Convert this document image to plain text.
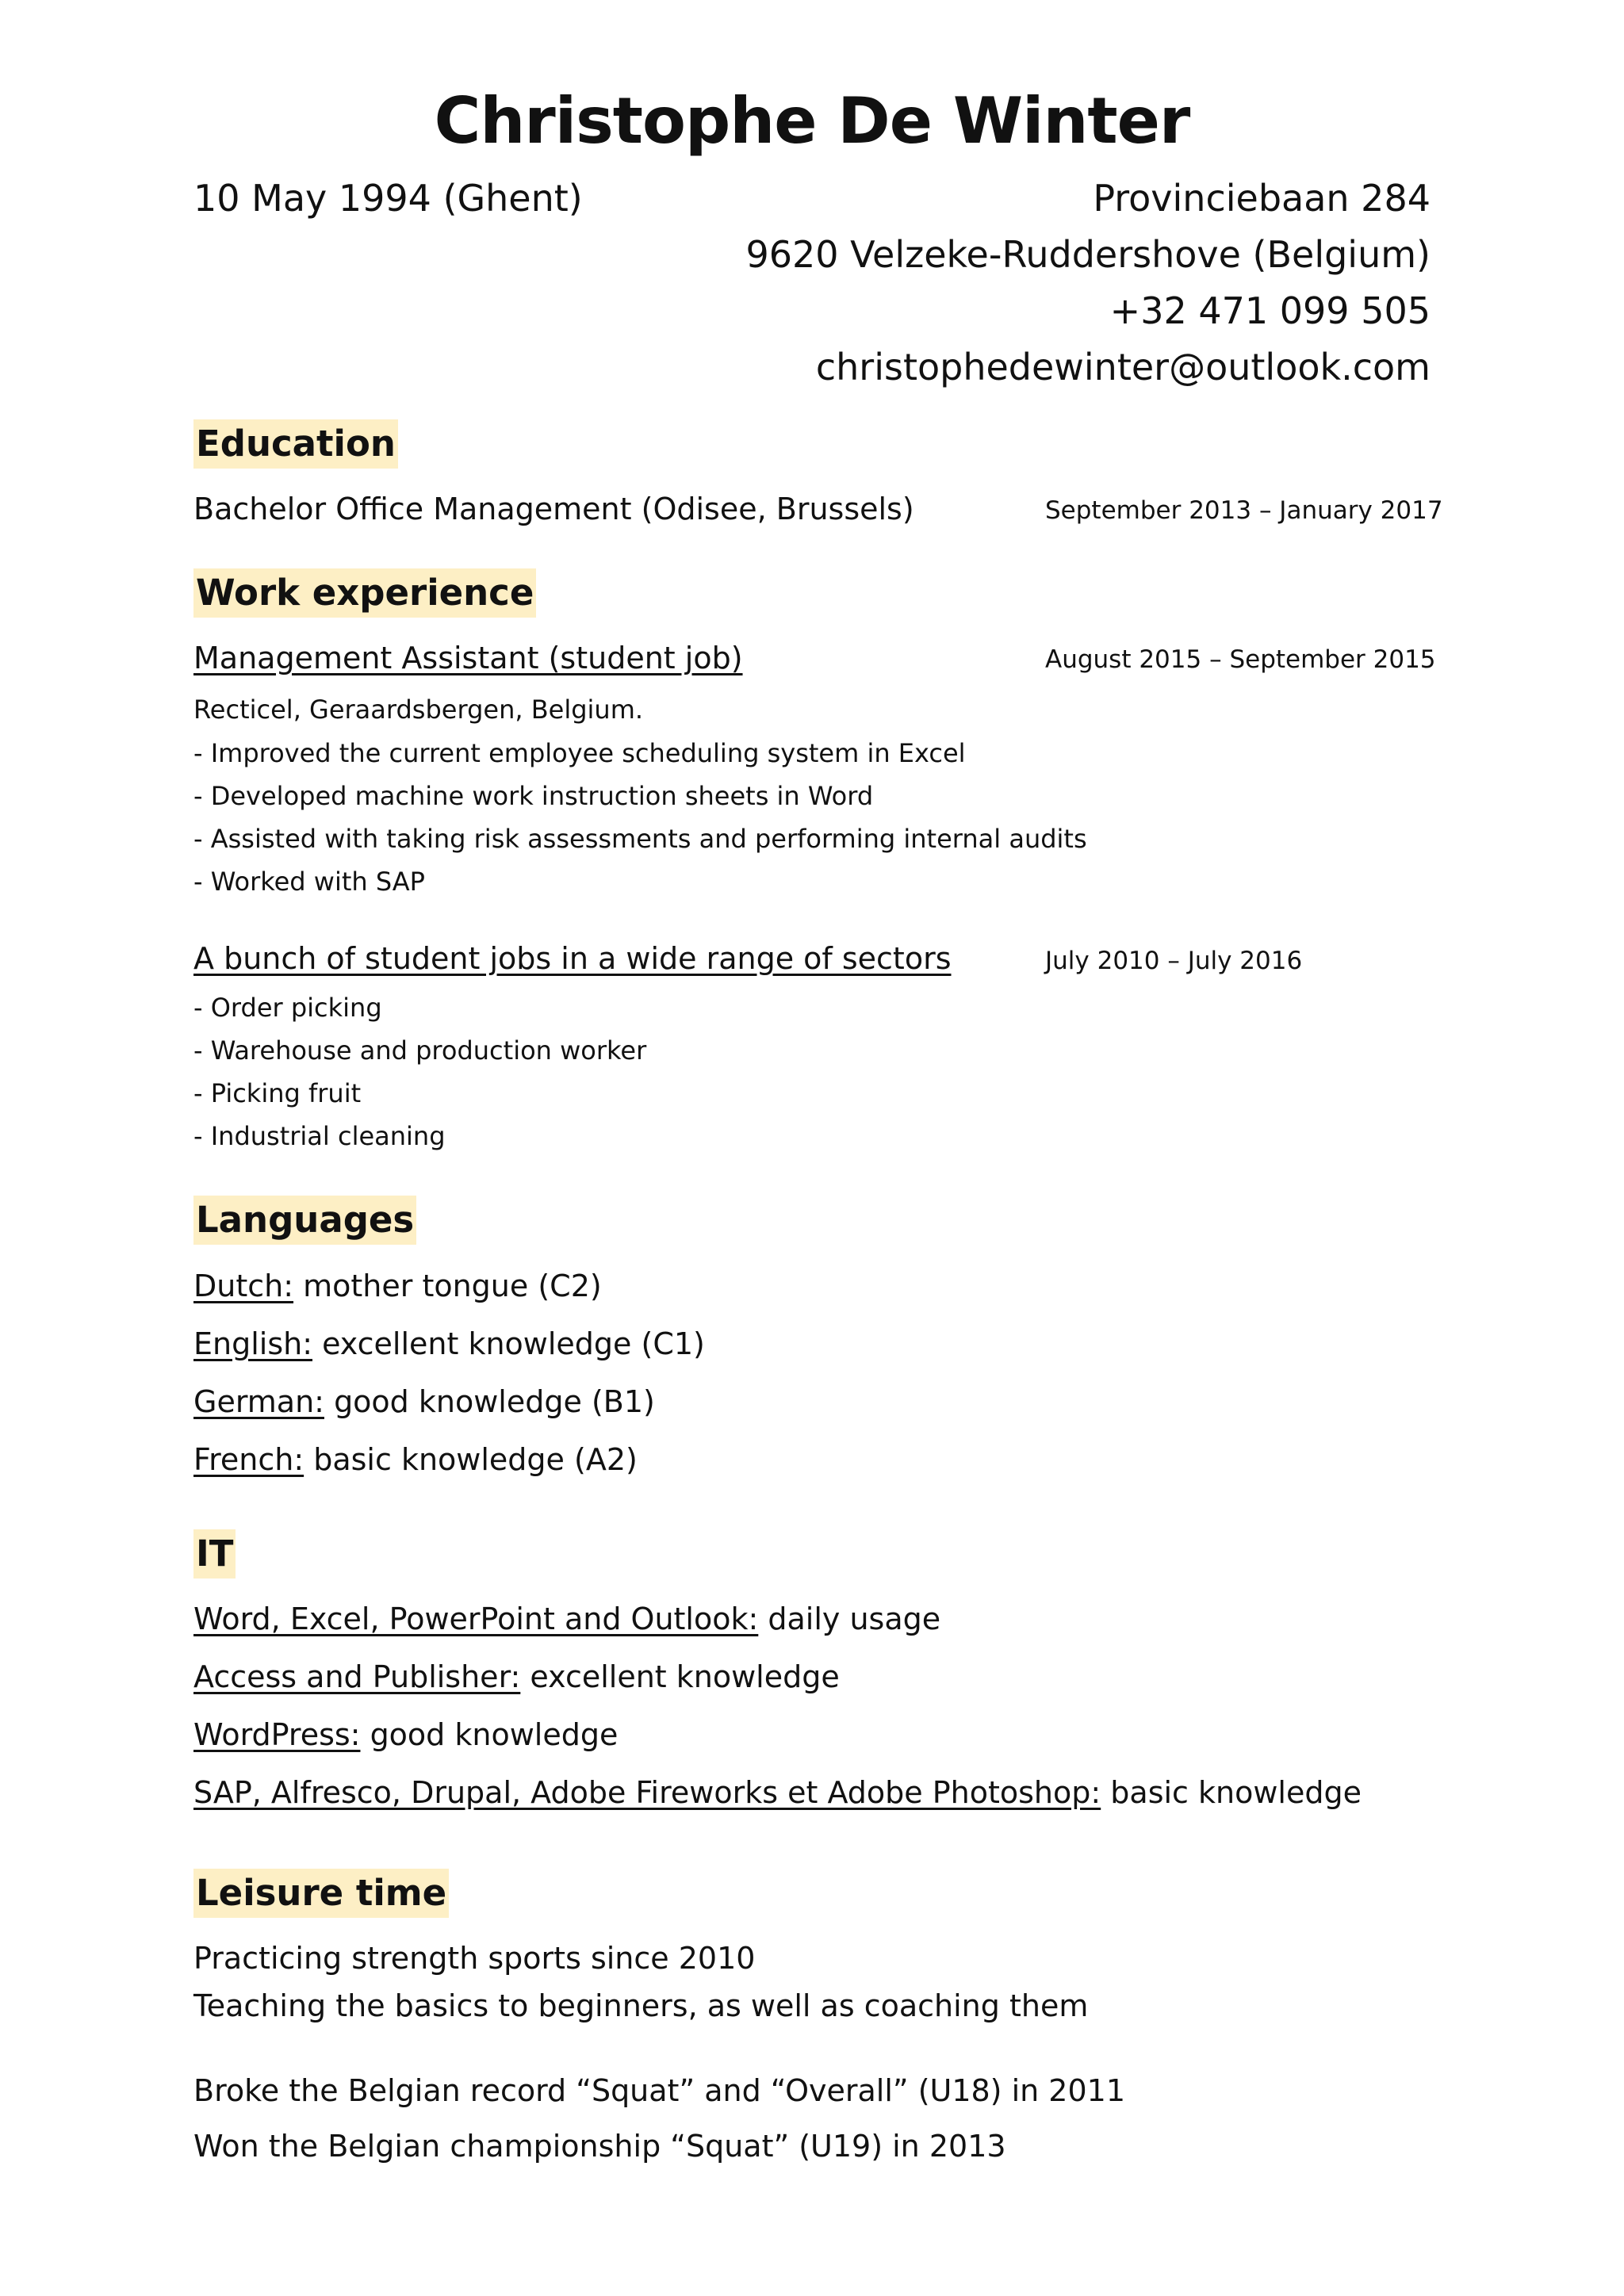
Christophe De Winter
10 May 1994 (Ghent)	Provinciebaan 284
9620 Velzeke-Ruddershove (Belgium)
+32 471 099 505
christophedewinter@outlook.com
Education
Bachelor Office Management (Odisee, Brussels)	September 2013 – January 2017
Work experience
Management Assistant (student job)	August 2015 – September 2015
Recticel, Geraardsbergen, Belgium.
- Improved the current employee scheduling system in Excel
- Developed machine work instruction sheets in Word
- Assisted with taking risk assessments and performing internal audits
- Worked with SAP
A bunch of student jobs in a wide range of sectors	July 2010 – July 2016
- Order picking
- Warehouse and production worker
- Picking fruit
- Industrial cleaning
Languages
Dutch: mother tongue (C2)
English: excellent knowledge (C1)
German: good knowledge (B1)
French: basic knowledge (A2)
IT
Word, Excel, PowerPoint and Outlook: daily usage
Access and Publisher: excellent knowledge
WordPress: good knowledge
SAP, Alfresco, Drupal, Adobe Fireworks et Adobe Photoshop: basic knowledge
Leisure time
Practicing strength sports since 2010
Teaching the basics to beginners, as well as coaching them
Broke the Belgian record “Squat” and “Overall” (U18) in 2011
Won the Belgian championship “Squat” (U19) in 2013
